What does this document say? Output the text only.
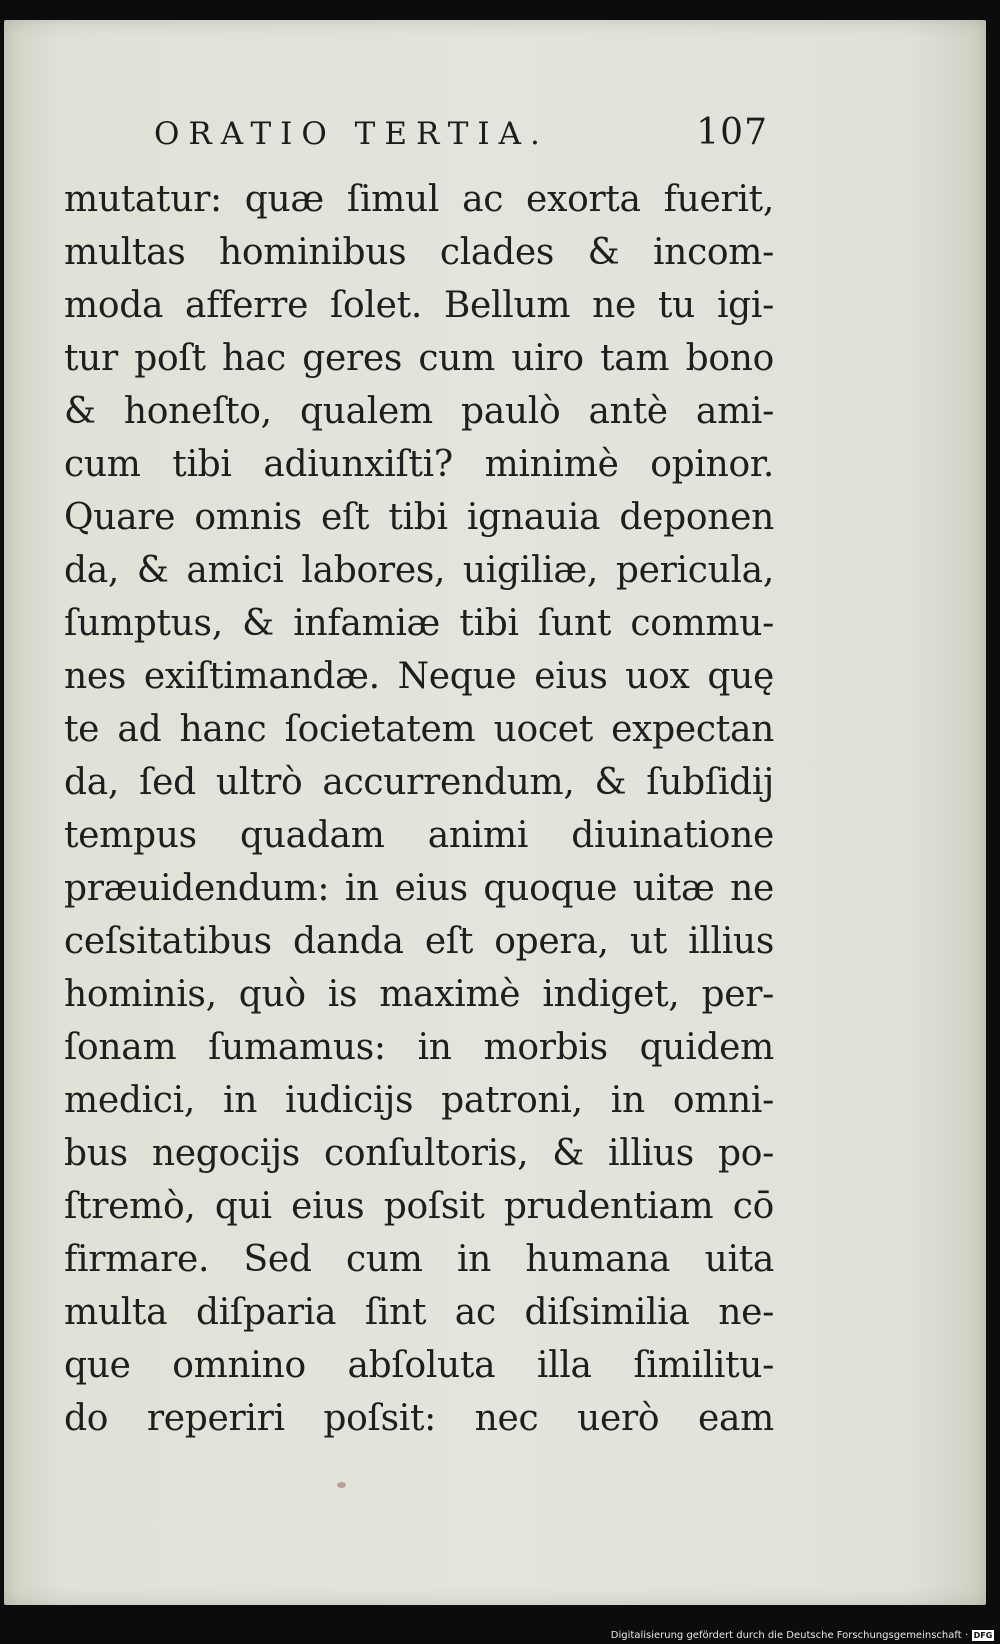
ORATIO TERTIA.	107
mutatur: quæ ſimul ac exorta fuerit,
multas hominibus clades & incom-
moda afferre ſolet. Bellum ne tu igi-
tur poſt hac geres cum uiro tam bono
& honeſto, qualem paulò antè ami-
cum tibi adiunxiſti? minimè opinor.
Quare omnis eſt tibi ignauia deponen
da, & amici labores, uigiliæ, pericula,
ſumptus, & infamiæ tibi ſunt commu-
nes exiſtimandæ. Neque eius uox quę
te ad hanc ſocietatem uocet expectan
da, ſed ultrò accurrendum, & ſubſidij
tempus quadam animi diuinatione
præuidendum: in eius quoque uitæ ne
ceſsitatibus danda eſt opera, ut illius
hominis, quò is maximè indiget, per-
ſonam ſumamus: in morbis quidem
medici, in iudicijs patroni, in omni-
bus negocijs conſultoris, & illius po-
ſtremò, qui eius poſsit prudentiam cō
firmare. Sed cum in humana uita
multa diſparia ſint ac diſsimilia ne-
que omnino abſoluta illa ſimilitu-
do reperiri poſsit: nec uerò eam
Digitalisierung gefördert durch die Deutsche Forschungsgemeinschaft · DFG
